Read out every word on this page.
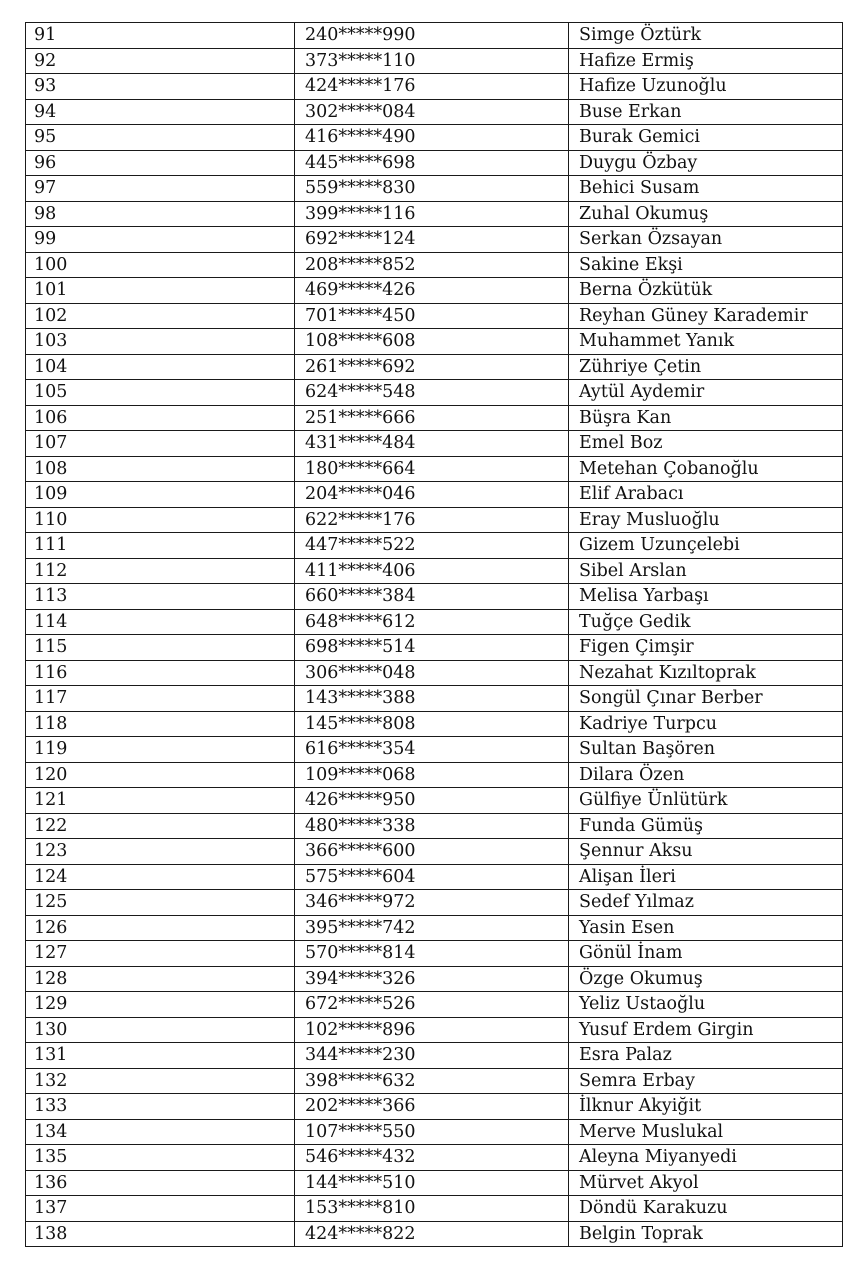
91	240*****990	Simge Öztürk
92	373*****110	Hafize Ermiş
93	424*****176	Hafize Uzunoğlu
94	302*****084	Buse Erkan
95	416*****490	Burak Gemici
96	445*****698	Duygu Özbay
97	559*****830	Behici Susam
98	399*****116	Zuhal Okumuş
99	692*****124	Serkan Özsayan
100	208*****852	Sakine Ekşi
101	469*****426	Berna Özkütük
102	701*****450	Reyhan Güney Karademir
103	108*****608	Muhammet Yanık
104	261*****692	Zühriye Çetin
105	624*****548	Aytül Aydemir
106	251*****666	Büşra Kan
107	431*****484	Emel Boz
108	180*****664	Metehan Çobanoğlu
109	204*****046	Elif Arabacı
110	622*****176	Eray Musluoğlu
111	447*****522	Gizem Uzunçelebi
112	411*****406	Sibel Arslan
113	660*****384	Melisa Yarbaşı
114	648*****612	Tuğçe Gedik
115	698*****514	Figen Çimşir
116	306*****048	Nezahat Kızıltoprak
117	143*****388	Songül Çınar Berber
118	145*****808	Kadriye Turpcu
119	616*****354	Sultan Başören
120	109*****068	Dilara Özen
121	426*****950	Gülfiye Ünlütürk
122	480*****338	Funda Gümüş
123	366*****600	Şennur Aksu
124	575*****604	Alişan İleri
125	346*****972	Sedef Yılmaz
126	395*****742	Yasin Esen
127	570*****814	Gönül İnam
128	394*****326	Özge Okumuş
129	672*****526	Yeliz Ustaoğlu
130	102*****896	Yusuf Erdem Girgin
131	344*****230	Esra Palaz
132	398*****632	Semra Erbay
133	202*****366	İlknur Akyiğit
134	107*****550	Merve Muslukal
135	546*****432	Aleyna Miyanyedi
136	144*****510	Mürvet Akyol
137	153*****810	Döndü Karakuzu
138	424*****822	Belgin Toprak
